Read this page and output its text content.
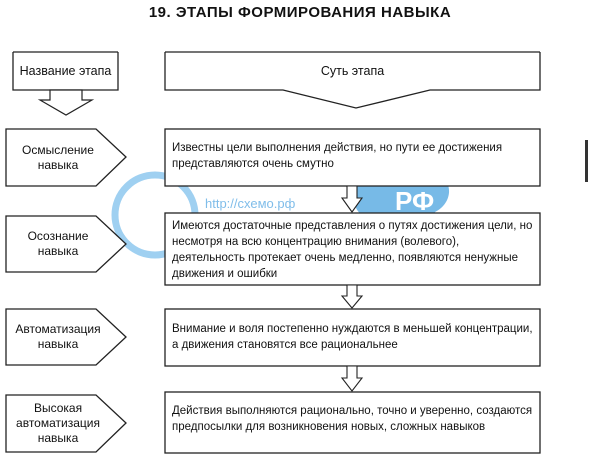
19. ЭТАПЫ ФОРМИРОВАНИЯ НАВЫКА
Название этапа	Суть этапа
Осмысление навыка
Осознание навыка
Автоматизация навыка
Высокая автоматизация навыка
Известны цели выполнения действия, но пути ее достижения представляются очень смутно
Имеются достаточные представления о путях достижения цели, но несмотря на всю концентрацию внимания (волевого), деятельность протекает очень медленно, появляются ненужные движения и ошибки
Внимание и воля постепенно нуждаются в меньшей концентрации, а движения становятся все рациональнее
Действия выполняются рационально, точно и уверенно, создаются предпосылки для возникновения новых, сложных навыков
http://схемо.рф	РФ
